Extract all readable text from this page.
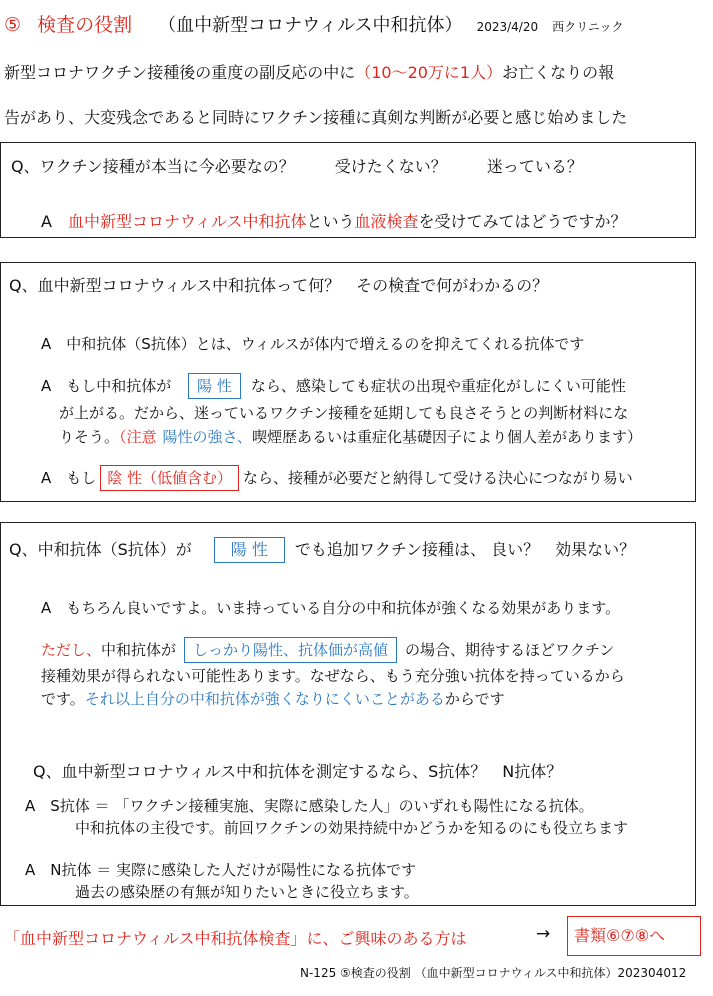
⑤ 検査の役割 （血中新型コロナウィルス中和抗体） 2023/4/20 西クリニック
新型コロナワクチン接種後の重度の副反応の中に（10～20万に1人）お亡くなりの報
告があり、大変残念であると同時にワクチン接種に真剣な判断が必要と感じ始めました
Q、ワクチン接種が本当に今必要なの？	受けたくない？	迷っている？
A 血中新型コロナウィルス中和抗体という血液検査を受けてみてはどうですか？
Q、血中新型コロナウィルス中和抗体って何？　その検査で何がわかるの？
A　中和抗体（S抗体）とは、ウィルスが体内で増えるのを抑えてくれる抗体です
A　もし中和抗体が 陽 性 なら、感染しても症状の出現や重症化がしにくい可能性
が上がる。だから、迷っているワクチン接種を延期しても良さそうとの判断材料にな
りそう。（注意 陽性の強さ、喫煙歴あるいは重症化基礎因子により個人差があります）
A　もし 陰 性（低値含む） なら、接種が必要だと納得して受ける決心につながり易い
Q、中和抗体（S抗体）が 陽 性 でも追加ワクチン接種は、 良い？　効果ない？
A　もちろん良いですよ。いま持っている自分の中和抗体が強くなる効果があります。
ただし、中和抗体が しっかり陽性、抗体価が高値 の場合、期待するほどワクチン
接種効果が得られない可能性あります。なぜなら、もう充分強い抗体を持っているから
です。それ以上自分の中和抗体が強くなりにくいことがあるからです
Q、血中新型コロナウィルス中和抗体を測定するなら、S抗体？　N抗体？
A　S抗体 ＝ 「ワクチン接種実施、実際に感染した人」のいずれも陽性になる抗体。
中和抗体の主役です。前回ワクチンの効果持続中かどうかを知るのにも役立ちます
A　N抗体 ＝ 実際に感染した人だけが陽性になる抗体です
過去の感染歴の有無が知りたいときに役立ちます。
「血中新型コロナウィルス中和抗体検査」に、ご興味のある方は	→	書類⑥⑦⑧へ
N-125 ⑤検査の役割 （血中新型コロナウィルス中和抗体）202304012
